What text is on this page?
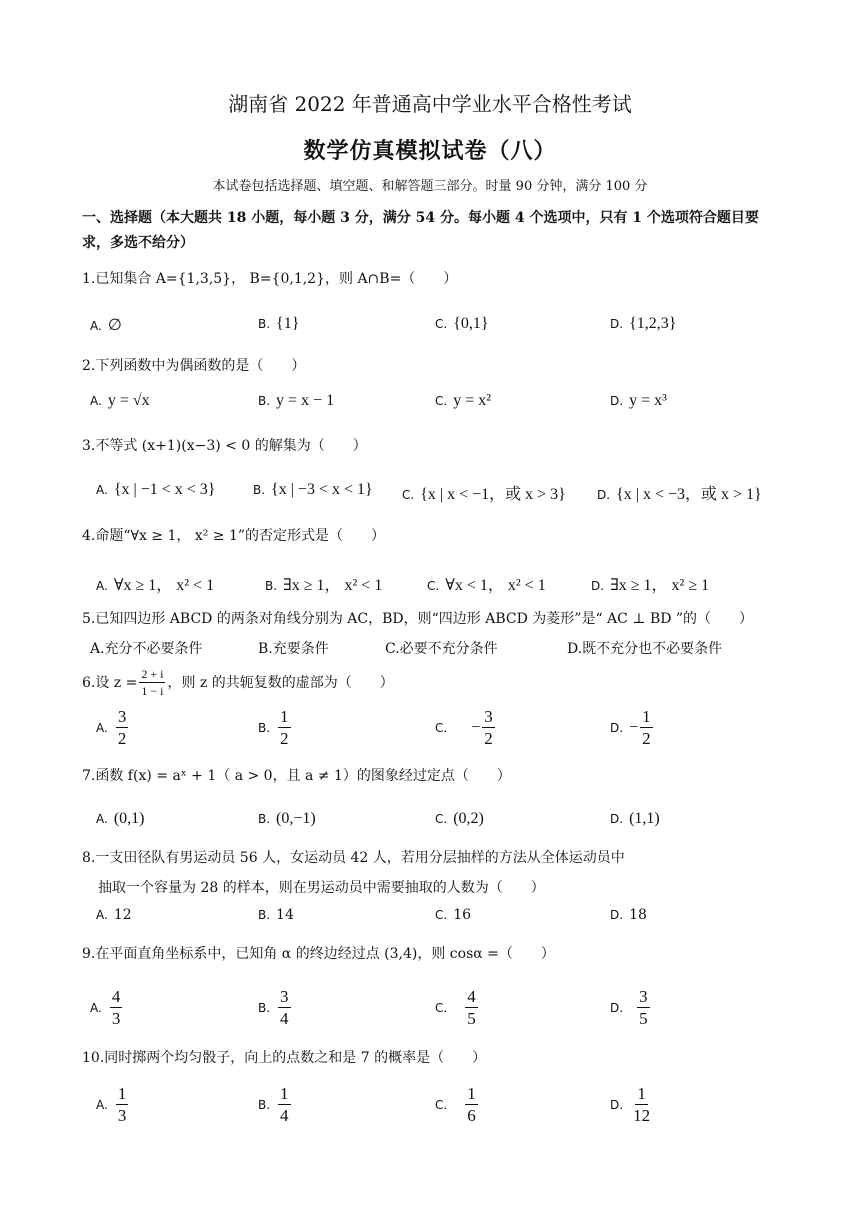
湖南省 2022 年普通高中学业水平合格性考试
数学仿真模拟试卷（八）
本试卷包括选择题、填空题、和解答题三部分。时量 90 分钟，满分 100 分
一、选择题（本大题共 18 小题，每小题 3 分，满分 54 分。每小题 4 个选项中，只有 1 个选项符合题目要求，多选不给分）
1.已知集合 A={1,3,5}， B={0,1,2}，则 A∩B=（　　）
A. ∅	B. {1}	C. {0,1}	D. {1,2,3}
2.下列函数中为偶函数的是（　　）
A. y = √x	B. y = x − 1	C. y = x²	D. y = x³
3.不等式 (x+1)(x−3) < 0 的解集为（　　）
A. {x | −1 < x < 3}	B. {x | −3 < x < 1} C. {x | x < −1，或 x > 3}	D. {x | x < −3，或 x > 1}
4.命题“∀x ≥ 1， x² ≥ 1”的否定形式是（　　）
A. ∀x ≥ 1， x² < 1	B. ∃x ≥ 1， x² < 1	C. ∀x < 1， x² < 1	D. ∃x ≥ 1， x² ≥ 1
5.已知四边形 ABCD 的两条对角线分别为 AC，BD，则“四边形 ABCD 为菱形”是“ AC ⊥ BD ”的（　　）
A.充分不必要条件	B.充要条件	C.必要不充分条件	D.既不充分也不必要条件
6.设 $z = \frac{2 + i}{1 - i}$ ，则 z 的共轭复数的虚部为（　　）
A. $\frac{3}{2}$	B. $\frac{1}{2}$	C. − $\frac{3}{2}$	D. − $\frac{1}{2}$
7.函数 f(x) = aˣ + 1（ a > 0，且 a ≠ 1）的图象经过定点（　　）
A. (0,1)	B. (0,−1)	C. (0,2)	D. (1,1)
8.一支田径队有男运动员 56 人，女运动员 42 人，若用分层抽样的方法从全体运动员中
抽取一个容量为 28 的样本，则在男运动员中需要抽取的人数为（　　）
A. 12	B. 14	C. 16	D. 18
9.在平面直角坐标系中，已知角 α 的终边经过点 (3,4)，则 cosα =（　　）
A. $\frac{4}{3}$	B. $\frac{3}{4}$	C. $\frac{4}{5}$	D. $\frac{3}{5}$
10.同时掷两个均匀骰子，向上的点数之和是 7 的概率是（　　）
A. $\frac{1}{3}$	B. $\frac{1}{4}$	C. $\frac{1}{6}$	D. $\frac{1}{12}$
